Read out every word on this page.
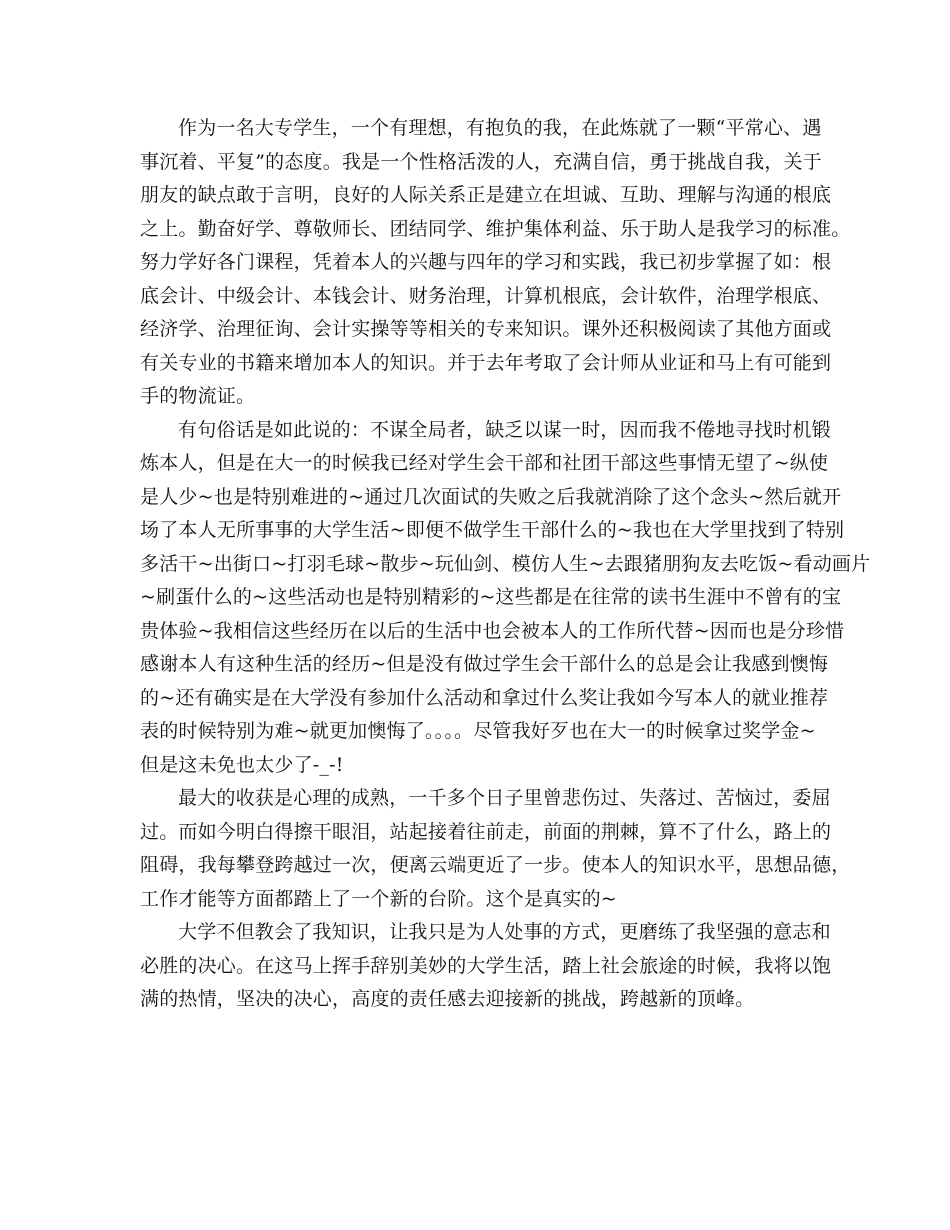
作为一名大专学生，一个有理想，有抱负的我，在此炼就了一颗“平常心、遇
事沉着、平复”的态度。我是一个性格活泼的人，充满自信，勇于挑战自我，关于
朋友的缺点敢于言明，良好的人际关系正是建立在坦诚、互助、理解与沟通的根底
之上。勤奋好学、尊敬师长、团结同学、维护集体利益、乐于助人是我学习的标准。
努力学好各门课程，凭着本人的兴趣与四年的学习和实践，我已初步掌握了如：根
底会计、中级会计、本钱会计、财务治理，计算机根底，会计软件，治理学根底、
经济学、治理征询、会计实操等等相关的专来知识。课外还积极阅读了其他方面或
有关专业的书籍来增加本人的知识。并于去年考取了会计师从业证和马上有可能到
手的物流证。
有句俗话是如此说的：不谋全局者，缺乏以谋一时，因而我不倦地寻找时机锻
炼本人，但是在大一的时候我已经对学生会干部和社团干部这些事情无望了~纵使
是人少~也是特别难进的~通过几次面试的失败之后我就消除了这个念头~然后就开
场了本人无所事事的大学生活~即便不做学生干部什么的~我也在大学里找到了特别
多活干~出街口~打羽毛球~散步~玩仙剑、模仿人生~去跟猪朋狗友去吃饭~看动画片
~刷蛋什么的~这些活动也是特别精彩的~这些都是在往常的读书生涯中不曾有的宝
贵体验~我相信这些经历在以后的生活中也会被本人的工作所代替~因而也是分珍惜
感谢本人有这种生活的经历~但是没有做过学生会干部什么的总是会让我感到懊悔
的~还有确实是在大学没有参加什么活动和拿过什么奖让我如今写本人的就业推荐
表的时候特别为难~就更加懊悔了。。。。尽管我好歹也在大一的时候拿过奖学金~
但是这未免也太少了-_-!
最大的收获是心理的成熟，一千多个日子里曾悲伤过、失落过、苦恼过，委屈
过。而如今明白得擦干眼泪，站起接着往前走，前面的荆棘，算不了什么，路上的
阻碍，我每攀登跨越过一次，便离云端更近了一步。使本人的知识水平，思想品德，
工作才能等方面都踏上了一个新的台阶。这个是真实的~
大学不但教会了我知识，让我只是为人处事的方式，更磨练了我坚强的意志和
必胜的决心。在这马上挥手辞别美妙的大学生活，踏上社会旅途的时候，我将以饱
满的热情，坚决的决心，高度的责任感去迎接新的挑战，跨越新的顶峰。
